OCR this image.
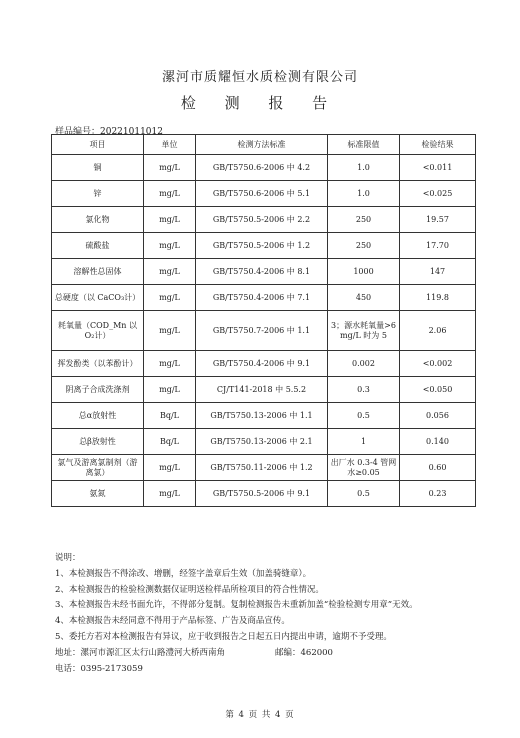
漯河市质耀恒水质检测有限公司
检 测 报 告
样品编号：20221011012
项目	单位	检测方法标准	标准限值	检验结果
铜	mg/L	GB/T5750.6-2006 中 4.2	1.0	<0.011
锌	mg/L	GB/T5750.6-2006 中 5.1	1.0	<0.025
氯化物	mg/L	GB/T5750.5-2006 中 2.2	250	19.57
硫酸盐	mg/L	GB/T5750.5-2006 中 1.2	250	17.70
溶解性总固体	mg/L	GB/T5750.4-2006 中 8.1	1000	147
总硬度（以 CaCO₃计）	mg/L	GB/T5750.4-2006 中 7.1	450	119.8
耗氧量（COD_Mn 以 O₂计）	mg/L	GB/T5750.7-2006 中 1.1	3；源水耗氧量>6 mg/L 时为 5	2.06
挥发酚类（以苯酚计）	mg/L	GB/T5750.4-2006 中 9.1	0.002	<0.002
阴离子合成洗涤剂	mg/L	CJ/T141-2018 中 5.5.2	0.3	<0.050
总α放射性	Bq/L	GB/T5750.13-2006 中 1.1	0.5	0.056
总β放射性	Bq/L	GB/T5750.13-2006 中 2.1	1	0.140
氯气及游离氯制剂（游离氯）	mg/L	GB/T5750.11-2006 中 1.2	出厂水 0.3-4 管网水≥0.05	0.60
氨氮	mg/L	GB/T5750.5-2006 中 9.1	0.5	0.23
说明：
1、本检测报告不得涂改、增删，经签字盖章后生效（加盖骑缝章）。
2、本检测报告的检验检测数据仅证明送检样品所检项目的符合性情况。
3、本检测报告未经书面允许，不得部分复制。复制检测报告未重新加盖“检验检测专用章”无效。
4、本检测报告未经同意不得用于产品标签、广告及商品宣传。
5、委托方若对本检测报告有异议，应于收到报告之日起五日内提出申请，逾期不予受理。
地址：漯河市源汇区太行山路澧河大桥西南角	邮编：462000
电话：0395-2173059
第 4 页 共 4 页
